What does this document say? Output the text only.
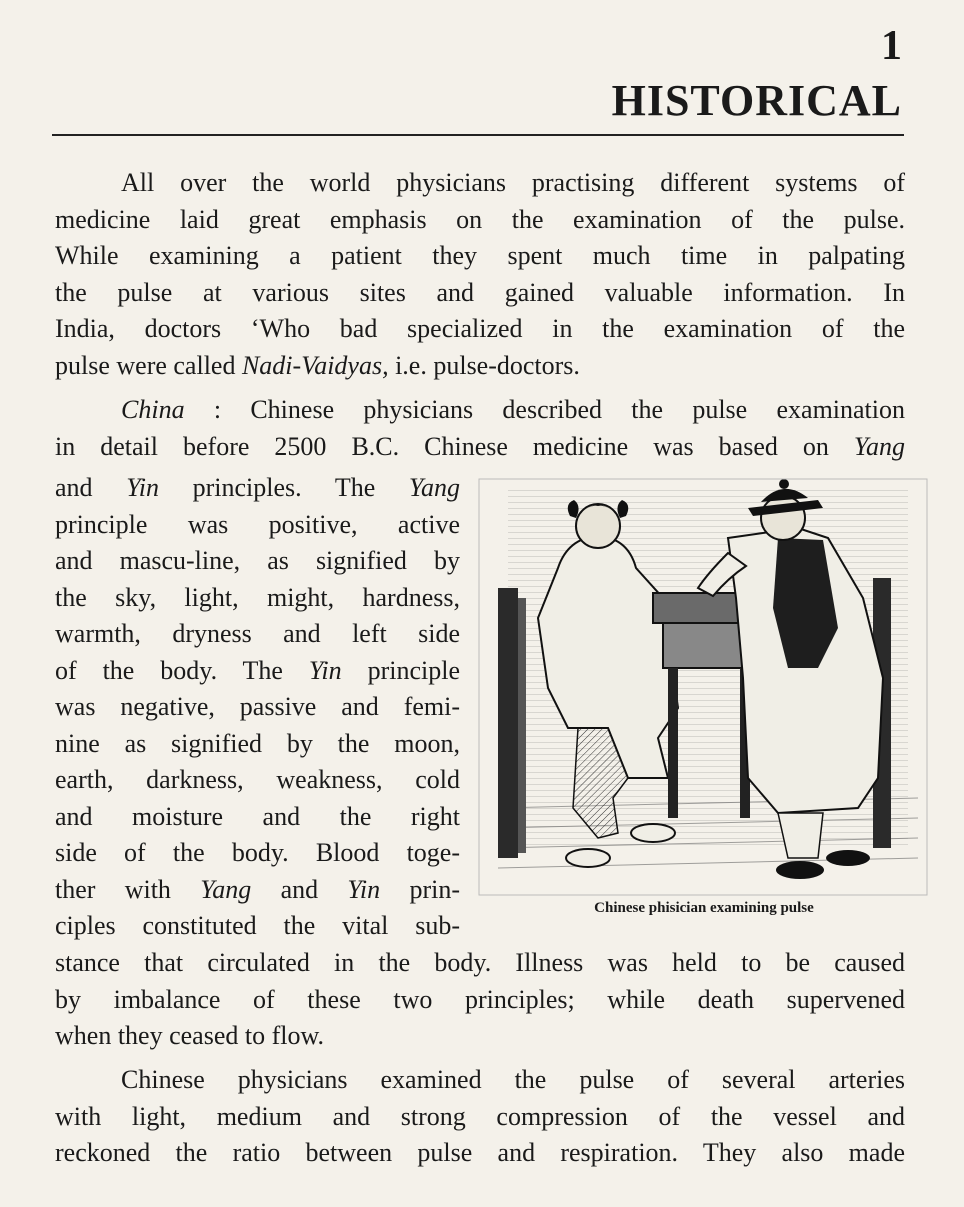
1
HISTORICAL
All over the world physicians practising different systems of
medicine laid great emphasis on the examination of the pulse.
While examining a patient they spent much time in palpating
the pulse at various sites and gained valuable information. In
India, doctors ‘Who bad specialized in the examination of the
pulse were called Nadi-Vaidyas, i.e. pulse-doctors.
China : Chinese physicians described the pulse examination
in detail before 2500 B.C. Chinese medicine was based on Yang
and Yin principles. The Yang
principle was positive, active
and mascu-line, as signified by
the sky, light, might, hardness,
warmth, dryness and left side
of the body. The Yin principle
was negative, passive and femi-
nine as signified by the moon,
earth, darkness, weakness, cold
and moisture and the right
side of the body. Blood toge-
ther with Yang and Yin prin-
ciples constituted the vital sub-
stance that circulated in the body. Illness was held to be caused
by imbalance of these two principles; while death supervened
when they ceased to flow.
Chinese physicians examined the pulse of several arteries
with light, medium and strong compression of the vessel and
reckoned the ratio between pulse and respiration. They also made
Chinese phisician examining pulse
